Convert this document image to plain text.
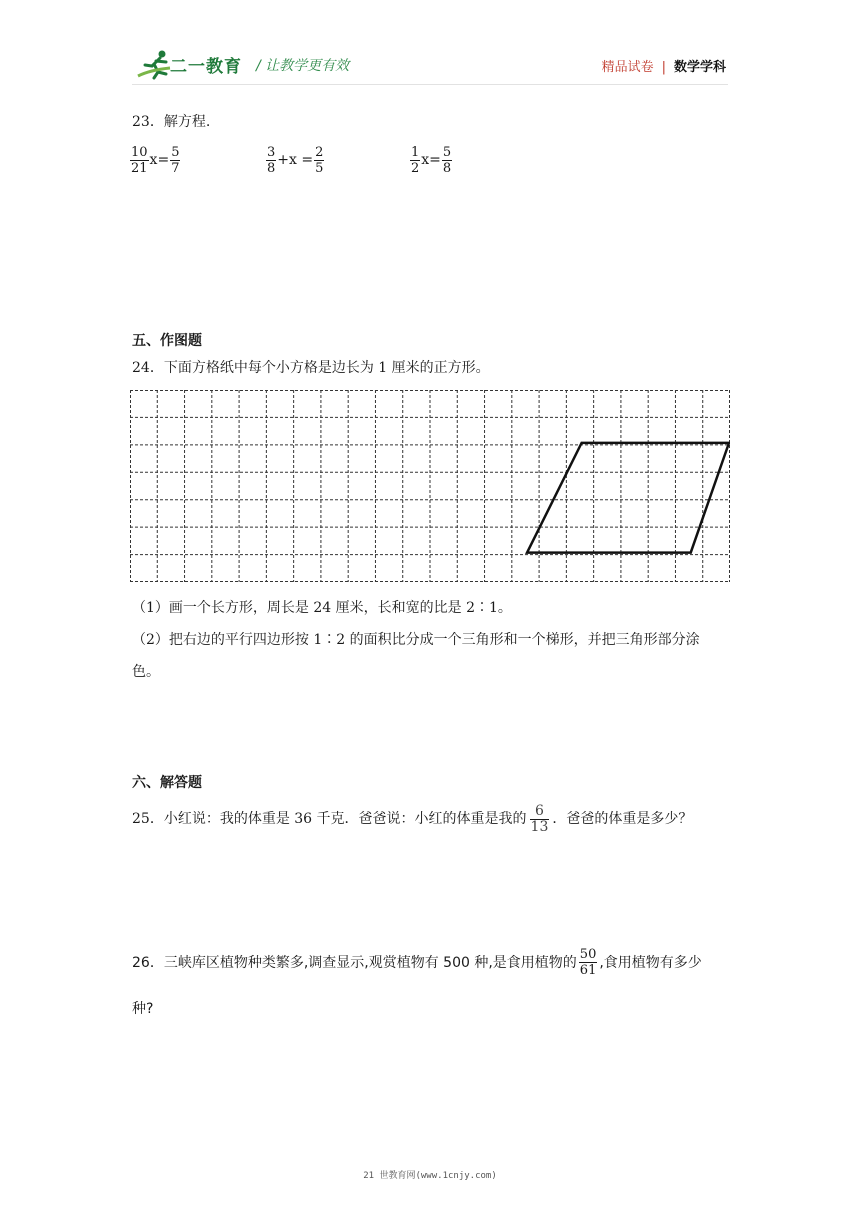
二一教育 / 让教学更有效	精品试卷 | 数学学科
23．解方程.
$\frac{10}{21} x= \frac{5}{7}$	$\frac{3}{8} +x = \frac{2}{5}$	$\frac{1}{2} x= \frac{5}{8}$
五、作图题
24．下面方格纸中每个小方格是边长为 1 厘米的正方形。
（1）画一个长方形，周长是 24 厘米，长和宽的比是 2∶1。
（2）把右边的平行四边形按 1∶2 的面积比分成一个三角形和一个梯形，并把三角形部分涂
色。
六、解答题
25．小红说：我的体重是 36 千克．爸爸说：小红的体重是我的 $\frac{6}{13}$ ．爸爸的体重是多少？
26．三峡库区植物种类繁多,调查显示,观赏植物有 500 种,是食用植物的 $\frac{50}{61}$ ,食用植物有多少
种?
21 世教育网(www.1cnjy.com)
